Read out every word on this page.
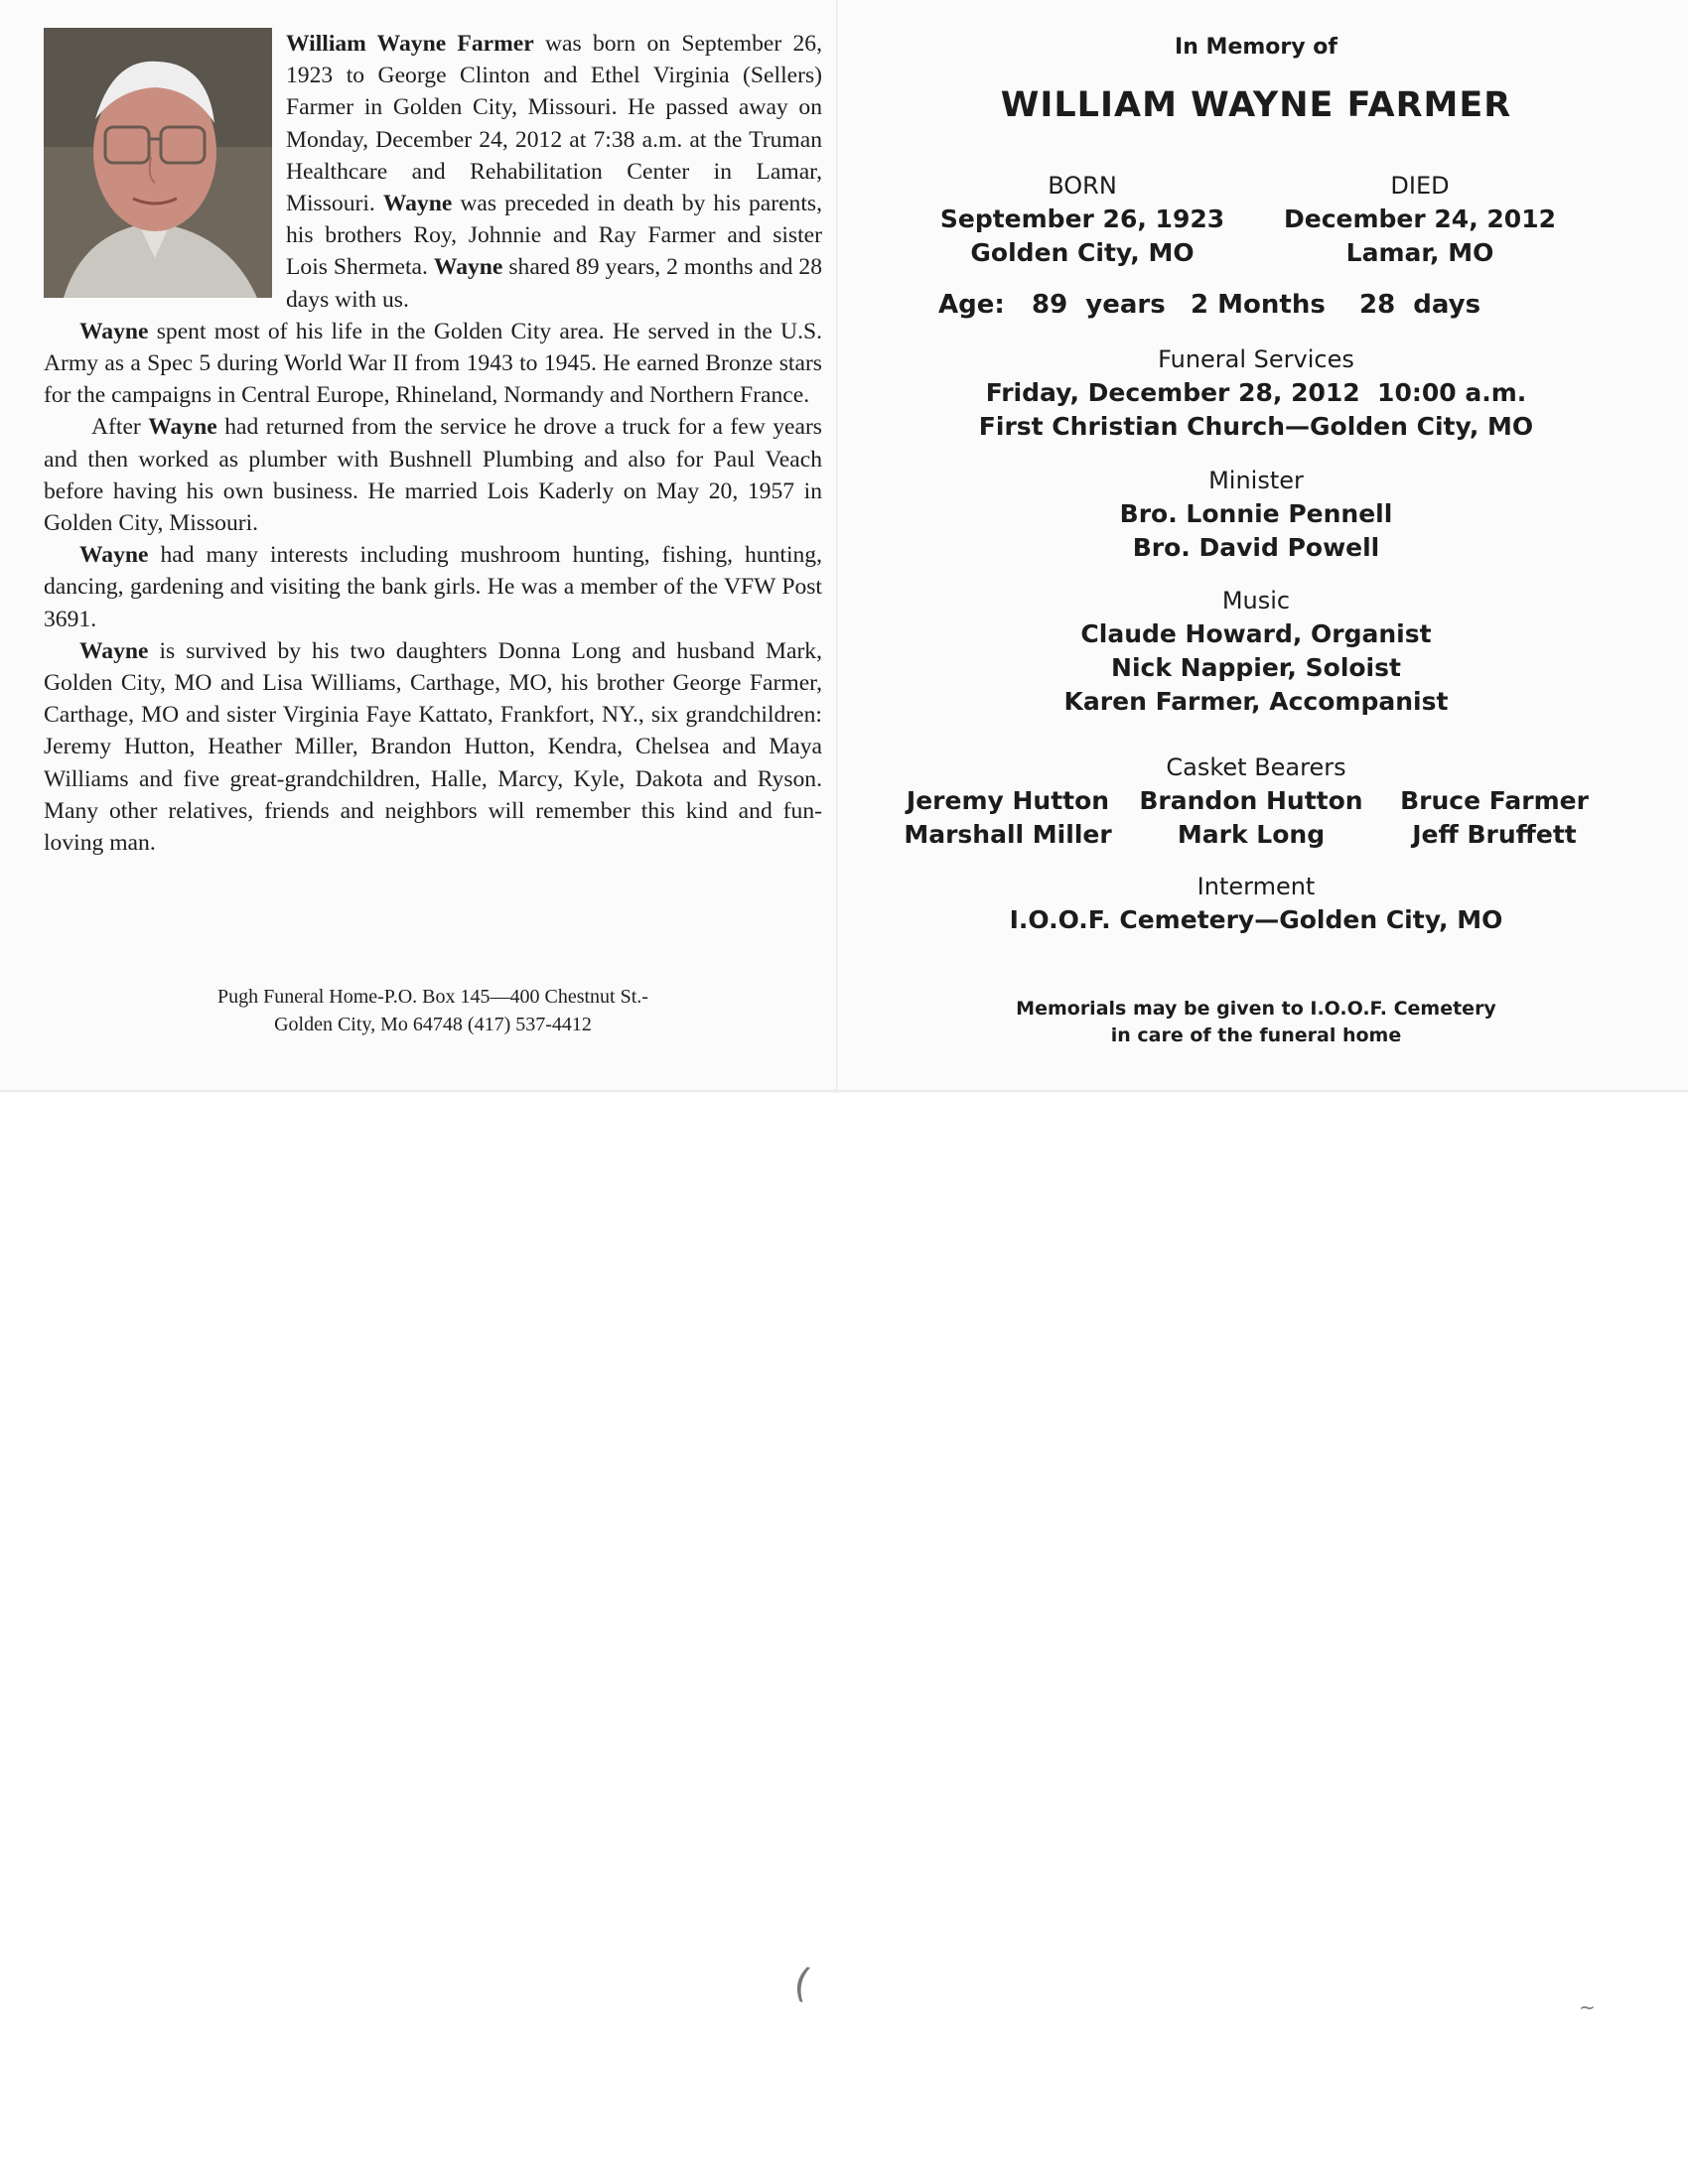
(	~

William Wayne Farmer was born on September 26, 1923 to George Clinton and Ethel Virginia (Sellers) Farmer in Golden City, Missouri. He passed away on Monday, December 24, 2012 at 7:38 a.m. at the Truman Healthcare and Rehabilitation Center in Lamar, Missouri. Wayne was preceded in death by his parents, his brothers Roy, Johnnie and Ray Farmer and sister Lois Shermeta. Wayne shared 89 years, 2 months and 28 days with us.

Wayne spent most of his life in the Golden City area. He served in the U.S. Army as a Spec 5 during World War II from 1943 to 1945. He earned Bronze stars for the campaigns in Central Europe, Rhineland, Normandy and Northern France.

After Wayne had returned from the service he drove a truck for a few years and then worked as plumber with Bushnell Plumbing and also for Paul Veach before having his own business. He married Lois Kaderly on May 20, 1957 in Golden City, Missouri.

Wayne had many interests including mushroom hunting, fishing, hunting, dancing, gardening and visiting the bank girls. He was a member of the VFW Post 3691.

Wayne is survived by his two daughters Donna Long and husband Mark, Golden City, MO and Lisa Williams, Carthage, MO, his brother George Farmer, Carthage, MO and sister Virginia Faye Kattato, Frankfort, NY., six grandchildren: Jeremy Hutton, Heather Miller, Brandon Hutton, Kendra, Chelsea and Maya Williams and five great-grandchildren, Halle, Marcy, Kyle, Dakota and Ryson. Many other relatives, friends and neighbors will remember this kind and fun-loving man.

Pugh Funeral Home-P.O. Box 145—400 Chestnut St.-
Golden City, Mo 64748 (417) 537-4412
In Memory of
WILLIAM WAYNE FARMER
BORN
September 26, 1923
Golden City, MO
DIED
December 24, 2012
Lamar, MO
Age: 89  years 2 Months 28  days
Funeral Services
Friday, December 28, 2012  10:00 a.m.
First Christian Church—Golden City, MO
Minister
Bro. Lonnie Pennell
Bro. David Powell
Music
Claude Howard, Organist
Nick Nappier, Soloist
Karen Farmer, Accompanist
Casket Bearers
Jeremy Hutton
Marshall Miller
Brandon Hutton
Mark Long
Bruce Farmer
Jeff Bruffett
Interment
I.O.O.F. Cemetery—Golden City, MO
Memorials may be given to I.O.O.F. Cemetery
in care of the funeral home
